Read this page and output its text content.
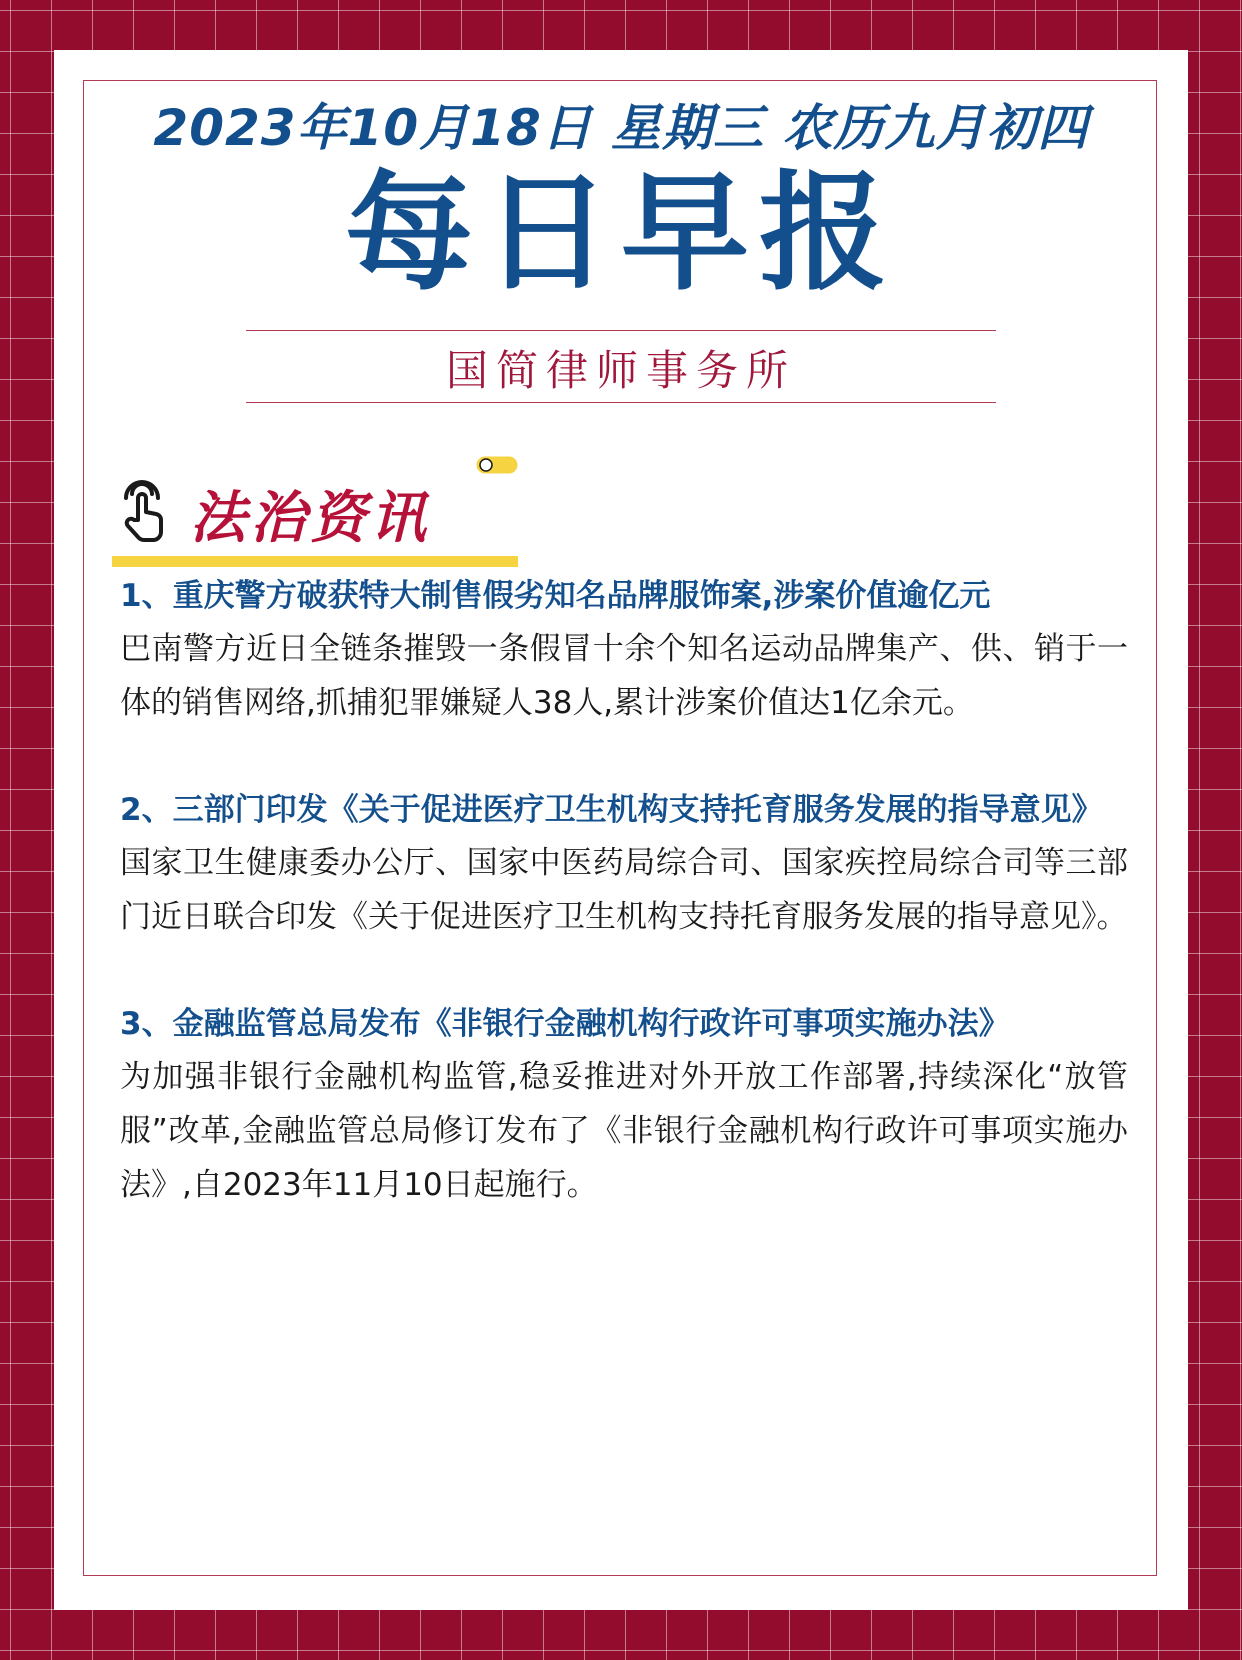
2023年10月18日 星期三 农历九月初四
每日早报
国简律师事务所
法治资讯

1、重庆警方破获特大制售假劣知名品牌服饰案,涉案价值逾亿元

巴南警方近日全链条摧毁一条假冒十余个知名运动品牌集产、供、销于一体的销售网络,抓捕犯罪嫌疑人38人,累计涉案价值达1亿余元。

2、三部门印发《关于促进医疗卫生机构支持托育服务发展的指导意见》

国家卫生健康委办公厅、国家中医药局综合司、国家疾控局综合司等三部门近日联合印发《关于促进医疗卫生机构支持托育服务发展的指导意见》。

3、金融监管总局发布《非银行金融机构行政许可事项实施办法》

为加强非银行金融机构监管,稳妥推进对外开放工作部署,持续深化“放管服”改革,金融监管总局修订发布了《非银行金融机构行政许可事项实施办法》,自2023年11月10日起施行。
